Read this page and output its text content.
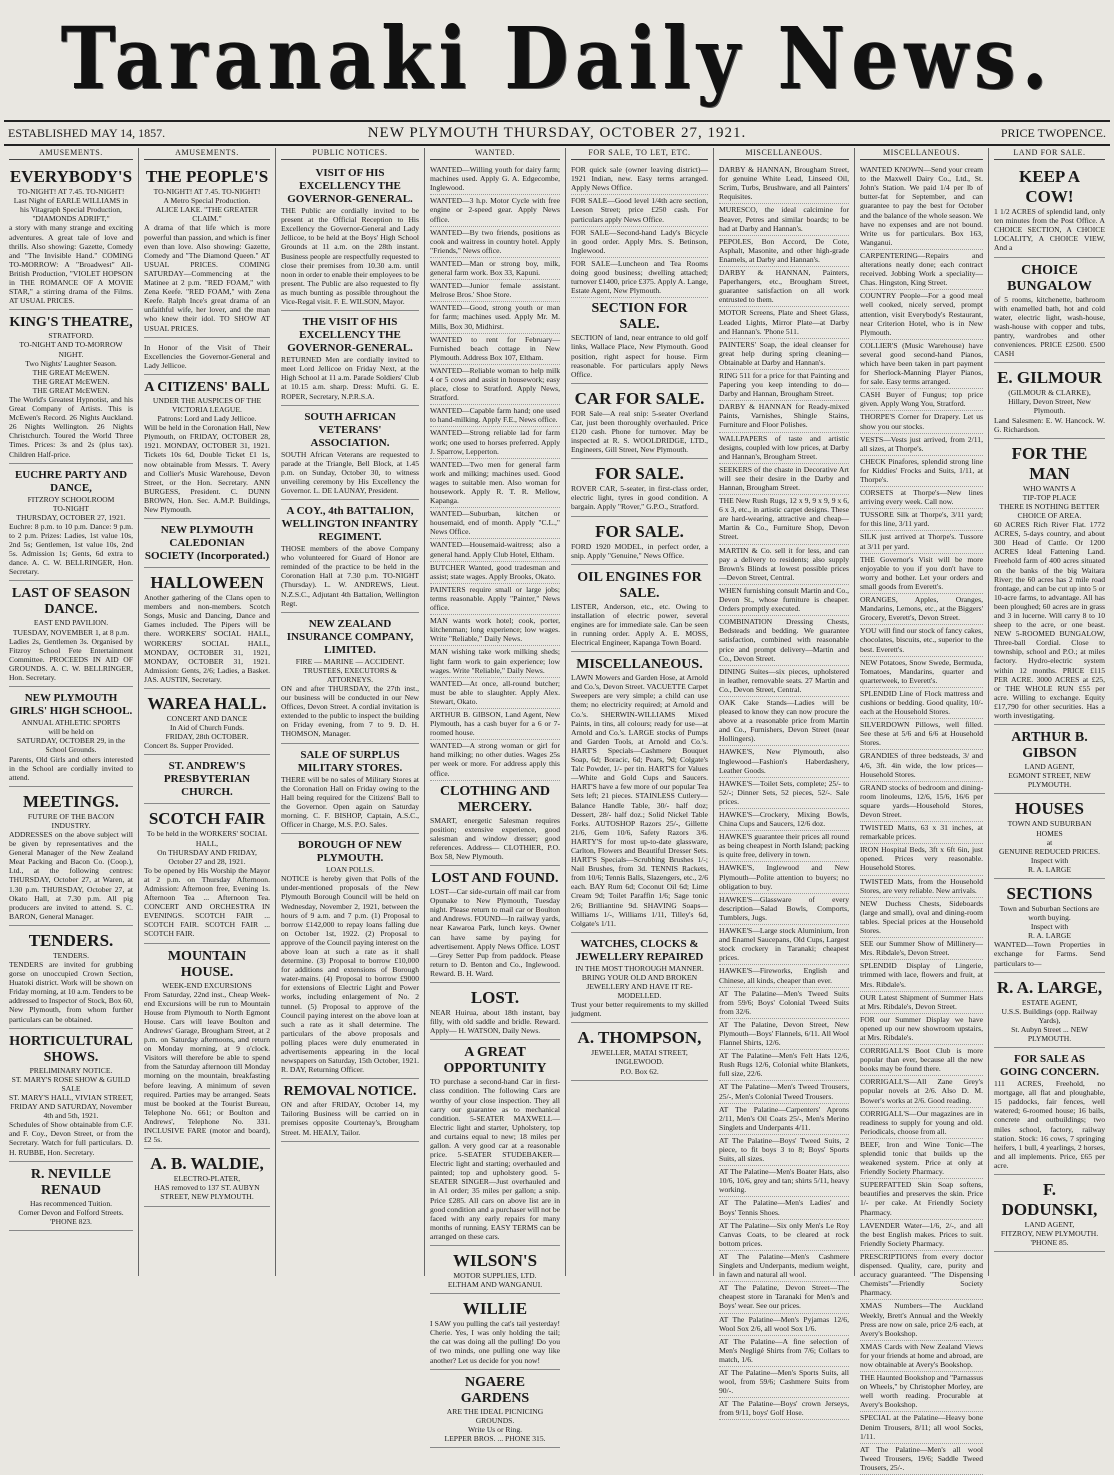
Taranaki Daily News.
ESTABLISHED MAY 14, 1857.	NEW PLYMOUTH THURSDAY, OCTOBER 27, 1921.	PRICE TWOPENCE.
AMUSEMENTS.
EVERYBODY'S
TO-NIGHT! AT 7.45. TO-NIGHT!
Last Night of EARLE WILLIAMS in his Vitagraph Special Production,
"DIAMONDS ADRIFT,"
a story with many strange and exciting adventures. A great tale of love and thrills. Also showing: Gazette, Comedy and "The Invisible Hand." COMING TO-MORROW: A "Broadwest" All-British Production, "VIOLET HOPSON in THE ROMANCE OF A MOVIE STAR," a stirring drama of the Films. AT USUAL PRICES.
KING'S THEATRE,
STRATFORD.
TO-NIGHT AND TO-MORROW NIGHT.
Two Nights' Laughter Season.
THE GREAT McEWEN.
THE GREAT McEWEN.
THE GREAT McEWEN.
The World's Greatest Hypnotist, and his Great Company of Artists. This is McEwen's Record. 26 Nights Auckland. 26 Nights Wellington. 26 Nights Christchurch. Toured the World Three Times. Prices: 3s and 2s (plus tax). Children Half-price.
EUCHRE PARTY AND DANCE,
FITZROY SCHOOLROOM
TO-NIGHT
THURSDAY, OCTOBER 27, 1921.
Euchre: 8 p.m. to 10 p.m. Dance: 9 p.m. to 2 p.m. Prizes: Ladies, 1st value 10s, 2nd 5s; Gentlemen, 1st value 10s, 2nd 5s. Admission 1s; Gents, 6d extra to dance. A. C. W. BELLRINGER, Hon. Secretary.
LAST OF SEASON DANCE.
EAST END PAVILION.
TUESDAY, NOVEMBER 1, at 8 p.m.
Ladies 2s, Gentlemen 3s. Organised by Fitzroy School Fete Entertainment Committee. PROCEEDS IN AID OF GROUNDS. A. C. W. BELLRINGER, Hon. Secretary.
NEW PLYMOUTH GIRLS' HIGH SCHOOL.
ANNUAL ATHLETIC SPORTS
will be held on
SATURDAY, OCTOBER 29, in the School Grounds.
Parents, Old Girls and others interested in the School are cordially invited to attend.
MEETINGS.
FUTURE OF THE BACON INDUSTRY.
ADDRESSES on the above subject will be given by representatives and the General Manager of the New Zealand Meat Packing and Bacon Co. (Coop.), Ltd., at the following centres: THURSDAY, October 27, at Waren, at 1.30 p.m. THURSDAY, October 27, at Okato Hall, at 7.30 p.m. All pig producers are invited to attend. S. C. BARON, General Manager.
TENDERS.
TENDERS.
TENDERS are invited for grubbing gorse on unoccupied Crown Section, Huatoki district. Work will be shown on Friday morning, at 10 a.m. Tenders to be addressed to Inspector of Stock, Box 60, New Plymouth, from whom further particulars can be obtained.
HORTICULTURAL SHOWS.
PRELIMINARY NOTICE.
ST. MARY'S ROSE SHOW & GUILD SALE
ST. MARY'S HALL, VIVIAN STREET,
FRIDAY AND SATURDAY, November 4th and 5th, 1921.
Schedules of Show obtainable from C.F. and F. Coy., Devon Street, or from the Secretary. Watch for full particulars. D. H. RUBBE, Hon. Secretary.
R. NEVILLE RENAUD
Has recommenced Tuition.
Corner Devon and Folford Streets.
'PHONE 823.
AMUSEMENTS.
THE PEOPLE'S
TO-NIGHT! AT 7.45. TO-NIGHT!
A Metro Special Production.
ALICE LAKE. "THE GREATER CLAIM."
A drama of that life which is more powerful than passion, and which is finer even than love. Also showing: Gazette, Comedy and "The Diamond Queen." AT USUAL PRICES. COMING SATURDAY—Commencing at the Matinee at 2 p.m. "RED FOAM," with Zena Keefe. "RED FOAM," with Zena Keefe. Ralph Ince's great drama of an unfaithful wife, her lover, and the man who knew their idol. TO SHOW AT USUAL PRICES.
In Honor of the Visit of Their Excellencies the Governor-General and Lady Jellicoe.
A CITIZENS' BALL
UNDER THE AUSPICES OF THE VICTORIA LEAGUE.
Patrons: Lord and Lady Jellicoe.
Will be held in the Coronation Hall, New Plymouth, on FRIDAY, OCTOBER 28, 1921. MONDAY, OCTOBER 31, 1921. Tickets 10s 6d, Double Ticket £1 1s, now obtainable from Messrs. T. Avery and Collier's Music Warehouse, Devon Street, or the Hon. Secretary. ANN BURGESS, President. C. DUNN BROWN, Hon. Sec. A.M.P. Buildings, New Plymouth.
NEW PLYMOUTH CALEDONIAN SOCIETY (Incorporated.)
HALLOWEEN
Another gathering of the Clans open to members and non-members. Scotch Songs, Music and Dancing, Dance and Games included. The Pipers will be there. WORKERS' SOCIAL HALL, WORKERS' SOCIAL HALL, MONDAY, OCTOBER 31, 1921, MONDAY, OCTOBER 31, 1921. Admission: Gents, 2/6; Ladies, a Basket. JAS. AUSTIN, Secretary.
WAREA HALL.
CONCERT AND DANCE
In Aid of Church Funds.
FRIDAY, 28th OCTOBER.
Concert 8s. Supper Provided.
ST. ANDREW'S PRESBYTERIAN CHURCH.
SCOTCH FAIR
To be held in the WORKERS' SOCIAL HALL,
On THURSDAY AND FRIDAY, October 27 and 28, 1921.
To be opened by His Worship the Mayor at 2 p.m. on Thursday Afternoon. Admission: Afternoon free, Evening 1s. Afternoon Tea ... Afternoon Tea. CONCERT AND ORCHESTRA IN EVENINGS. SCOTCH FAIR ... SCOTCH FAIR. SCOTCH FAIR ... SCOTCH FAIR.
MOUNTAIN HOUSE.
WEEK-END EXCURSIONS
From Saturday, 22nd inst., Cheap Week-end Excursions will be run to Mountain House from Plymouth to North Egmont House. Cars will leave Boulton and Andrews' Garage, Brougham Street, at 2 p.m. on Saturday afternoons, and return on Monday morning, at 9 o'clock. Visitors will therefore be able to spend from the Saturday afternoon till Monday morning on the mountain, breakfasting before leaving. A minimum of seven required. Parties may be arranged. Seats must be booked at the Tourist Bureau, Telephone No. 661; or Boulton and Andrews', Telephone No. 331. INCLUSIVE FARE (motor and board), £2 5s.
A. B. WALDIE,
ELECTRO-PLATER,
HAS removed to 137 ST. AUBYN STREET, NEW PLYMOUTH.
PUBLIC NOTICES.
VISIT OF HIS EXCELLENCY THE GOVERNOR-GENERAL.
THE Public are cordially invited to be present at the Official Reception to His Excellency the Governor-General and Lady Jellicoe, to be held at the Boys' High School Grounds at 11 a.m. on the 28th instant. Business people are respectfully requested to close their premises from 10.30 a.m. until noon in order to enable their employees to be present. The Public are also requested to fly as much bunting as possible throughout the Vice-Regal visit. F. E. WILSON, Mayor.
THE VISIT OF HIS EXCELLENCY THE GOVERNOR-GENERAL.
RETURNED Men are cordially invited to meet Lord Jellicoe on Friday Next, at the High School at 11 a.m. Parade Soldiers' Club at 10.15 a.m. sharp. Dress: Mufti. G. E. ROPER, Secretary, N.P.R.S.A.
SOUTH AFRICAN VETERANS' ASSOCIATION.
SOUTH African Veterans are requested to parade at the Triangle, Bell Block, at 1.45 p.m. on Sunday, October 30, to witness unveiling ceremony by His Excellency the Governor. L. DE LAUNAY, President.
A COY., 4th BATTALION, WELLINGTON INFANTRY REGIMENT.
THOSE members of the above Company who volunteered for Guard of Honor are reminded of the practice to be held in the Coronation Hall at 7.30 p.m. TO-NIGHT (Thursday). L. W. ANDREWS, Lieut. N.Z.S.C., Adjutant 4th Battalion, Wellington Regt.
NEW ZEALAND INSURANCE COMPANY, LIMITED.
FIRE — MARINE — ACCIDENT.
TRUSTEES, EXECUTORS & ATTORNEYS.
ON and after THURSDAY, the 27th inst., our business will be conducted in our New Offices, Devon Street. A cordial invitation is extended to the public to inspect the building on Friday evening, from 7 to 9. D. H. THOMSON, Manager.
SALE OF SURPLUS MILITARY STORES.
THERE will be no sales of Military Stores at the Coronation Hall on Friday owing to the Hall being required for the Citizens' Ball to the Governor. Open again on Saturday morning. C. F. BISHOP, Captain, A.S.C., Officer in Charge, M.S. P.O. Sales.
BOROUGH OF NEW PLYMOUTH.
LOAN POLLS.
NOTICE is hereby given that Polls of the under-mentioned proposals of the New Plymouth Borough Council will be held on Wednesday, November 2, 1921, between the hours of 9 a.m. and 7 p.m. (1) Proposal to borrow £142,000 to repay loans falling due on October 1st, 1922. (2) Proposal to approve of the Council paying interest on the above loan at such a rate as it shall determine. (3) Proposal to borrow £10,000 for additions and extensions of Borough water-mains. (4) Proposal to borrow £9000 for extensions of Electric Light and Power works, including enlargement of No. 2 tunnel. (5) Proposal to approve of the Council paying interest on the above loan at such a rate as it shall determine. The particulars of the above proposals and polling places were duly enumerated in advertisements appearing in the local newspapers on Saturday, 15th October, 1921. R. DAY, Returning Officer.
REMOVAL NOTICE.
ON and after FRIDAY, October 14, my Tailoring Business will be carried on in premises opposite Courtenay's, Brougham Street. M. HEALY, Tailor.
WANTED.
WANTED—Willing youth for dairy farm; machines used. Apply G. A. Edgecombe, Inglewood.
WANTED—3 h.p. Motor Cycle with free engine or 2-speed gear. Apply News office.
WANTED—By two friends, positions as cook and waitress in country hotel. Apply "Friends," News office.
WANTED—Man or strong boy, milk, general farm work. Box 33, Kapuni.
WANTED—Junior female assistant. Melrose Bros.' Shoe Store.
WANTED—Good, strong youth or man for farm; machines used. Apply Mr. M. Mills, Box 30, Midhirst.
WANTED to rent for February—Furnished beach cottage in New Plymouth. Address Box 107, Eltham.
WANTED—Reliable woman to help milk 4 or 5 cows and assist in housework; easy place, close to Stratford. Apply News, Stratford.
WANTED—Capable farm hand; one used to hand-milking. Apply F.E., News office.
WANTED—Strong reliable lad for farm work; one used to horses preferred. Apply J. Sparrow, Lepperton.
WANTED—Two men for general farm work and milking; machines used. Good wages to suitable men. Also woman for housework. Apply R. T. R. Mellow, Kapanga.
WANTED—Suburban, kitchen or housemaid, end of month. Apply "C.L.," News Office.
WANTED—Housemaid-waitress; also a general hand. Apply Club Hotel, Eltham.
BUTCHER Wanted, good tradesman and assist; state wages. Apply Brooks, Okato.
PAINTERS require small or large jobs; terms reasonable. Apply "Painter," News office.
MAN wants work hotel; cook, porter, kitchenman; long experience; low wages. Write "Reliable," Daily News.
MAN wishing take work milking sheds; light farm work to gain experience; low wages. Write "Reliable," Daily News.
WANTED—At once, all-round butcher; must be able to slaughter. Apply Alex. Stewart, Okato.
ARTHUR B. GIBSON, Land Agent, New Plymouth, has a cash buyer for a 6 or 7-roomed house.
WANTED—A strong woman or girl for hand milking; no other duties. Wages 25s per week or more. For address apply this office.
CLOTHING AND MERCERY.
SMART, energetic Salesman requires position; extensive experience, good salesman and window dresser; good references. Address— CLOTHIER, P.O. Box 58, New Plymouth.
LOST AND FOUND.
LOST—Car side-curtain off mail car from Opunake to New Plymouth, Tuesday night. Please return to mail car or Boulton and Andrews. FOUND—In railway yards, near Kawaroa Park, lunch keys. Owner can have same by paying for advertisement. Apply News Office. LOST—Grey Setter Pup from paddock. Please return to D. Benton and Co., Inglewood. Reward. B. H. Ward.
LOST.
NEAR Huirua, about 18th instant, bay filly, with old saddle and bridle. Reward. Apply— H. WATSON, Daily News.
A GREAT OPPORTUNITY
TO purchase a second-hand Car in first-class condition. The following Cars are worthy of your close inspection. They all carry our guarantee as to mechanical condition. 5-SEATER MAXWELL—Electric light and starter, Upholstery, top and curtains equal to new; 18 miles per gallon. A very good car at a reasonable price. 5-SEATER STUDEBAKER—Electric light and starting; overhauled and painted; top and upholstery good. 5-SEATER SINGER—Just overhauled and in A1 order; 35 miles per gallon; a snip. Price £285. All cars on above list are in good condition and a purchaser will not be faced with any early repairs for many months of running. EASY TERMS can be arranged on these cars.
WILSON'S
MOTOR SUPPLIES, LTD.
ELTHAM AND WANGANUI.
WILLIE
I SAW you pulling the cat's tail yesterday! Cherie. Yes, I was only holding the tail; the cat was doing all the pulling! Do you of two minds, one pulling one way like another? Let us decide for you now!
NGAERE GARDENS
ARE THE IDEAL PICNICING GROUNDS.
Write Us or Ring.
LEPPER BROS. ... PHONE 315.
FOR SALE, TO LET, ETC.
FOR quick sale (owner leaving district)—1921 Indian, new. Easy terms arranged. Apply News Office.
FOR SALE—Good level 1/4th acre section, Leeson Street; price £250 cash. For particulars apply News Office.
FOR SALE—Second-hand Lady's Bicycle in good order. Apply Mrs. S. Betinson, Inglewood.
FOR SALE—Luncheon and Tea Rooms doing good business; dwelling attached; turnover £1400, price £375. Apply A. Lange, Estate Agent, New Plymouth.
SECTION FOR SALE.
SECTION of land, near entrance to old golf links, Wallace Place, New Plymouth. Good position, right aspect for house. Firm reasonable. For particulars apply News Office.
CAR FOR SALE.
FOR Sale—A real snip: 5-seater Overland Car, just been thoroughly overhauled. Price £120 cash. Phone for turnover. May be inspected at R. S. WOOLDRIDGE, LTD., Engineers, Gill Street, New Plymouth.
FOR SALE.
ROVER CAR, 5-seater, in first-class order, electric light, tyres in good condition. A bargain. Apply "Rover," G.P.O., Stratford.
FOR SALE.
FORD 1920 MODEL, in perfect order, a snip. Apply "Genuine," News Office.
OIL ENGINES FOR SALE.
LISTER, Anderson, etc., etc. Owing to installation of electric power, several engines are for immediate sale. Can be seen in running order. Apply A. E. MOSS, Electrical Engineer, Kapanga Town Board.
MISCELLANEOUS.
LAWN Mowers and Garden Hose, at Arnold and Co.'s, Devon Street. VACUETTE Carpet Sweepers are very simple; a child can use them; no electricity required; at Arnold and Co.'s. SHERWIN-WILLIAMS Mixed Paints, in tins, all colours; ready for use—at Arnold and Co.'s. LARGE stocks of Pumps and Garden Tools, at Arnold and Co.'s. HART'S Specials—Cashmere Bouquet Soap, 6d; Boracic, 6d; Pears, 9d; Colgate's Talc Powder, 1/- per tin. HART'S for Values—White and Gold Cups and Saucers. HART'S have a few more of our popular Tea Sets left; 21 pieces. STAINLESS Cutlery—Balance Handle Table, 30/- half doz; Dessert, 28/- half doz.; Solid Nickel Table Forks. AUTOSHOP Razors 25/-, Gillette 21/6, Gem 10/6, Safety Razors 3/6. HARTY'S for most up-to-date glassware, Carlton, Flowers and Beautiful Dresser Sets. HART'S Specials—Scrubbing Brushes 1/-; Nail Brushes, from 3d. TENNIS Rackets, from 10/6; Tennis Balls, Slazengers, etc., 2/6 each. BAY Rum 6d; Coconut Oil 6d; Lime Cream 9d; Toilet Paraffin 1/6; Sage tonic 2/6; Brilliantine 9d. SHAVING Soaps—Williams 1/-, Williams 1/11, Tilley's 6d, Colgate's 1/11.
WATCHES, CLOCKS & JEWELLERY REPAIRED
IN THE MOST THOROUGH MANNER.
BRING YOUR OLD AND BROKEN JEWELLERY AND HAVE IT RE-MODELLED.
Trust your better requirements to my skilled judgment.
A. THOMPSON,
JEWELLER, MATAI STREET, INGLEWOOD.
P.O. Box 62.
MISCELLANEOUS.
DARBY & HANNAN, Brougham Street, for genuine White Lead, Linseed Oil, Scrim, Turbs, Brushware, and all Painters' Requisites.
MURESCO, the ideal calcimine for Beaver, Petres and similar boards; to be had at Darby and Hannan's.
PEPOLES, Bon Accord, De Cote, Asphalt, Masonite, and other high-grade Enamels, at Darby and Hannan's.
DARBY & HANNAN, Painters, Paperhangers, etc., Brougham Street, guarantee satisfaction on all work entrusted to them.
MOTOR Screens, Plate and Sheet Glass, Leaded Lights, Mirror Plate—at Darby and Hannan's. 'Phone 511.
PAINTERS' Soap, the ideal cleanser for great help during spring cleaning—Obtainable at Darby and Hannan's.
RING 511 for a price for that Painting and Papering you keep intending to do—Darby and Hannan, Brougham Street.
DARBY & HANNAN for Ready-mixed Paints, Varnishes, Shingle Stains, Furniture and Floor Polishes.
WALLPAPERS of taste and artistic designs, coupled with low prices, at Darby and Hannan's, Brougham Street.
SEEKERS of the chaste in Decorative Art will see their desire in the Darby and Hannan, Brougham Street.
THE New Rush Rugs, 12 x 9, 9 x 9, 9 x 6, 6 x 3, etc., in artistic carpet designs. These are hard-wearing, attractive and cheap—Martin & Co., Furniture Shop, Devon Street.
MARTIN & Co. sell it for less, and can pay a delivery to residents; also supply Brown's Blinds at lowest possible prices—Devon Street, Central.
WHEN furnishing consult Martin and Co., Devon St., whose furniture is cheaper. Orders promptly executed.
COMBINATION Dressing Chests, Bedsteads and bedding. We guarantee satisfaction, combined with reasonable price and prompt delivery—Martin and Co., Devon Street.
DINING Suites—six pieces, upholstered in leather, removable seats. 27 Martin and Co., Devon Street, Central.
OAK Cake Stands—Ladies will be pleased to know they can now procure the above at a reasonable price from Martin and Co., Furnishers, Devon Street (near Hollingers).
HAWKE'S, New Plymouth, also Inglewood—Fashion's Haberdashery, Leather Goods.
HAWKE'S—Toilet Sets, complete; 25/- to 52/-; Dinner Sets, 52 pieces, 52/-. Sale prices.
HAWKE'S—Crockery, Mixing Bowls, China Cups and Saucers, 12/6 doz.
HAWKE'S guarantee their prices all round as being cheapest in North Island; packing is quite free, delivery in town.
HAWKE'S, Inglewood and New Plymouth—Polite attention to buyers; no obligation to buy.
HAWKE'S—Glassware of every description—Salad Bowls, Comports, Tumblers, Jugs.
HAWKE'S—Large stock Aluminium, Iron and Enamel Saucepans, Old Cups, Largest stock crockery in Taranaki; cheapest prices.
HAWKE'S—Fireworks, English and Chinese, all kinds, cheaper than ever.
AT The Palatine—Men's Tweed Suits from 59/6; Boys' Colonial Tweed Suits from 32/6.
AT The Palatine, Devon Street, New Plymouth—Boys' Flannels, 6/11. All Wool Flannel Shirts, 12/6.
AT The Palatine—Men's Felt Hats 12/6, Rush Rugs 12/6, Colonial white Blankets, full size, 22/6.
AT The Palatine—Men's Tweed Trousers, 25/-, Men's Colonial Tweed Trousers.
AT The Palatine—Carpenters' Aprons 2/11, Men's Oil Coats 25/-, Men's Merino Singlets and Underpants 4/11.
AT The Palatine—Boys' Tweed Suits, 2 piece, to fit boys 3 to 8; Boys' Sports Suits, all sizes.
AT The Palatine—Men's Boater Hats, also 10/6, 10/6, grey and tan; shirts 5/11, heavy working.
AT The Palatine—Men's Ladies' and Boys' Tennis Shoes.
AT The Palatine—Six only Men's Le Roy Canvas Coats, to be cleared at rock bottom prices.
AT The Palatine—Men's Cashmere Singlets and Underpants, medium weight, in fawn and natural all wool.
AT The Palatine, Devon Street—The cheapest store in Taranaki for Men's and Boys' wear. See our prices.
AT The Palatine—Men's Pyjamas 12/6, Wool Sox 2/6, all wool Sox 1/6.
AT The Palatine—A fine selection of Men's Negligé Shirts from 7/6; Collars to match, 1/6.
AT The Palatine—Men's Sports Suits, all wool, from 59/6; Cashmere Suits from 90/-.
AT The Palatine—Boys' crown Jerseys, from 9/11, boys' Golf Hose.
MISCELLANEOUS.
WANTED KNOWN—Send your cream to the Maxwell Dairy Co., Ltd., St. John's Station. We paid 1/4 per lb of butter-fat for September, and can guarantee to pay the best for October and the balance of the whole season. We have no expenses and are not bound. Write us for particulars. Box 163, Wanganui.
CARPENTERING—Repairs and alterations neatly done; each contract received. Jobbing Work a speciality—Chas. Hingston, King Street.
COUNTRY People—For a good meal well cooked, nicely served, prompt attention, visit Everybody's Restaurant, near Criterion Hotel, who is in New Plymouth.
COLLIER'S (Music Warehouse) have several good second-hand Pianos, which have been taken in part payment for Sherlock-Manning Player Pianos, for sale. Easy terms arranged.
CASH Buyer of Fungus; top price given. Apply Wong You, Stratford.
THORPE'S Corner for Drapery. Let us show you our stocks.
VESTS—Vests just arrived, from 2/11, all sizes, at Thorpe's.
CHECK Pinafores, splendid strong line for Kiddies' Frocks and Suits, 1/11, at Thorpe's.
CORSETS at Thorpe's—New lines arriving every week. Call now.
TUSSORE Silk at Thorpe's, 3/11 yard; for this line, 3/11 yard.
SILK just arrived at Thorpe's. Tussore at 3/11 per yard.
THE Governor's Visit will be more enjoyable to you if you don't have to worry and bother. Let your orders and small goods from Everett's.
ORANGES, Apples, Oranges, Mandarins, Lemons, etc., at the Biggers' Grocery, Everett's, Devon Street.
YOU will find our stock of fancy cakes, chocolates, biscuits, etc., superior to the best. Everett's.
NEW Potatoes, Snow Swede, Bermuda, Tomatoes, Mandarins, quarter and quarterweek, to Everett's.
SPLENDID Line of Flock mattress and cushions or bedding. Good quality, 10/- each at the Household Stores.
SILVERDOWN Pillows, well filled. See these at 5/6 and 6/6 at Household Stores.
GRANDIES of three bedsteads, 3/ and 4/6, 3ft. 4in wide, the low prices—Household Stores.
GRAND stocks of bedroom and dining-room linoleums, 12/6, 15/6, 16/6 per square yards—Household Stores, Devon Street.
TWISTED Matts, 63 x 31 inches, at remarkable prices.
IRON Hospital Beds, 3ft x 6ft 6in, just opened. Prices very reasonable. Household Stores.
TWISTED Mats, from the Household Stores, are very reliable. New arrivals.
NEW Duchess Chests, Sideboards (large and small), oval and dining-room tables. Special prices at the Household Stores.
SEE our Summer Show of Millinery—Mrs. Ribdale's, Devon Street.
SPLENDID Display of Lingerie, trimmed with lace, flowers and fruit, at Mrs. Ribdale's.
OUR Latest Shipment of Summer Hats at Mrs. Ribdale's, Devon Street.
FOR our Summer Display we have opened up our new showroom upstairs, at Mrs. Ribdale's.
CORRIGALL'S Boot Club is more popular than ever, because all the new books may be found there.
CORRIGALL'S—All Zane Grey's popular novels at 2/6. Also D. M. Bower's works at 2/6. Good reading.
CORRIGALL'S—Our magazines are in readiness to supply for young and old. Periodicals, choose from all.
BEEF, Iron and Wine Tonic—The splendid tonic that builds up the weakened system. Price at only at Friendly Society Pharmacy.
SUPERFATTED Skin Soap softens, beautifies and preserves the skin. Price 1/- per cake. At Friendly Society Pharmacy.
LAVENDER Water—1/6, 2/-, and all the best English makes. Prices to suit. Friendly Society Pharmacy.
PRESCRIPTIONS from every doctor dispensed. Quality, care, purity and accuracy guaranteed. "The Dispensing Chemists"—Friendly Society Pharmacy.
XMAS Numbers—The Auckland Weekly, Brett's Annual and the Weekly Press are now on sale, price 2/6 each, at Avery's Bookshop.
XMAS Cards with New Zealand Views for your friends at home and abroad, are now obtainable at Avery's Bookshop.
THE Haunted Bookshop and "Parnassus on Wheels," by Christopher Morley, are well worth reading. Procurable at Avery's Bookshop.
SPECIAL at the Palatine—Heavy bone Denim Trousers, 8/11; all wool Socks, 1/11.
AT The Palatine—Men's all wool Tweed Trousers, 19/6; Saddle Tweed Trousers, 25/-.
LAND FOR SALE.
KEEP A COW!
1 1/2 ACRES of splendid land, only ten minutes from the Post Office. A CHOICE SECTION, A CHOICE LOCALITY, A CHOICE VIEW, And a
CHOICE BUNGALOW
of 5 rooms, kitchenette, bathroom with enamelled bath, hot and cold water, electric light, wash-house, wash-house with copper and tubs, pantry, wardrobes and other conveniences. PRICE £2500. £500 CASH
E. GILMOUR
(GILMOUR & CLARKE),
Hillary, Devon Street, New Plymouth.
Land Salesmen: E. W. Hancock. W. G. Richardson.
FOR THE MAN
WHO WANTS A
TIP-TOP PLACE
THERE IS NOTHING BETTER
CHOICE OF AREA.
60 ACRES Rich River Flat. 1772 ACRES, 5-days country, and about 300 Head of Cattle. Or 1200 ACRES Ideal Fattening Land. Freehold farm of 400 acres situated on the banks of the big Waitara River; the 60 acres has 2 mile road frontage, and can be cut up into 5 or 10-acre farms, to advantage. All has been ploughed; 60 acres are in grass and 3 in lucerne. Will carry 8 to 10 sheep to the acre, or one beast. NEW 5-ROOMED BUNGALOW, Three-ball Cordial. Close to township, school and P.O.; at miles factory. Hydro-electric system within 12 months. PRICE £115 PER ACRE. 3000 ACRES at £25, or THE WHOLE RUN £55 per acre. Willing to exchange. Equity £17,790 for other securities. Has a worth investigating.
ARTHUR B. GIBSON
LAND AGENT,
EGMONT STREET, NEW PLYMOUTH.
HOUSES
TOWN AND SUBURBAN HOMES
at
GENUINE REDUCED PRICES.
Inspect with
R. A. LARGE
SECTIONS
Town and Suburban Sections are worth buying.
Inspect with
R. A. LARGE
WANTED—Town Properties in exchange for Farms. Send particulars to—
R. A. LARGE,
ESTATE AGENT,
U.S.S. Buildings (opp. Railway Yards),
St. Aubyn Street ... NEW PLYMOUTH.
FOR SALE AS GOING CONCERN.
111 ACRES, Freehold, no mortgage, all flat and ploughable, 15 paddocks, fair fences, well watered; 6-roomed house; 16 bails, concrete and outbuildings; two miles school, factory, railway station. Stock: 16 cows, 7 springing heifers, 1 bull, 4 yearlings, 2 horses, and all implements. Price, £65 per acre.
F. DODUNSKI,
LAND AGENT,
FITZROY, NEW PLYMOUTH.
'PHONE 85.
